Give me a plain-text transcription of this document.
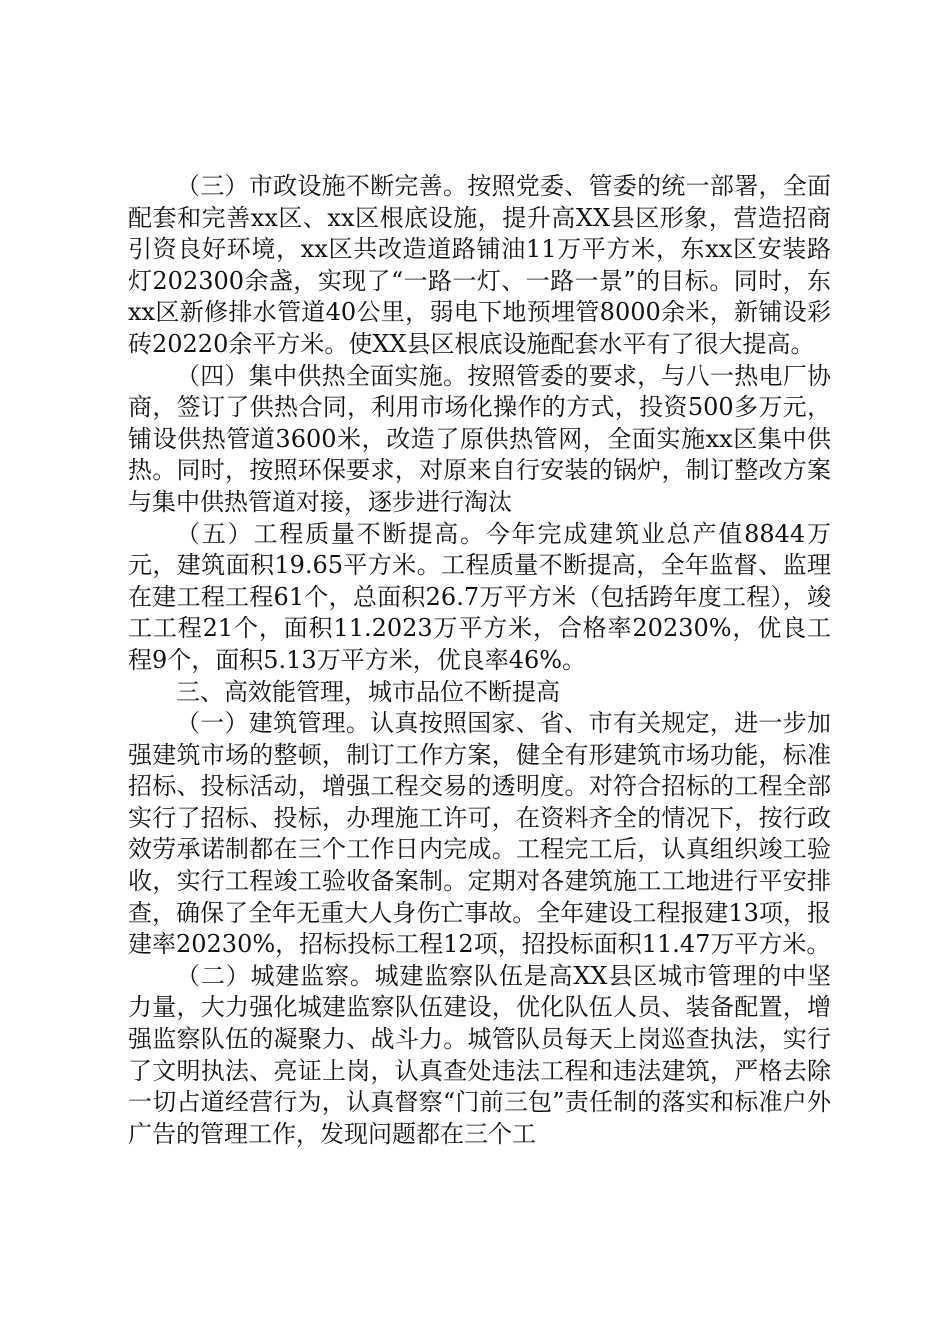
（三）市政设施不断完善。按照党委、管委的统一部署，全面配套和完善xx区、xx区根底设施，提升高XX县区形象，营造招商引资良好环境，xx区共改造道路铺油11万平方米，东xx区安装路灯202300余盏，实现了“一路一灯、一路一景”的目标。同时，东xx区新修排水管道40公里，弱电下地预埋管8000余米，新铺设彩砖20220余平方米。使XX县区根底设施配套水平有了很大提高。

（四）集中供热全面实施。按照管委的要求，与八一热电厂协商，签订了供热合同，利用市场化操作的方式，投资500多万元，铺设供热管道3600米，改造了原供热管网，全面实施xx区集中供热。同时，按照环保要求，对原来自行安装的锅炉，制订整改方案与集中供热管道对接，逐步进行淘汰

（五）工程质量不断提高。今年完成建筑业总产值8844万元，建筑面积19.65平方米。工程质量不断提高，全年监督、监理在建工程工程61个，总面积26.7万平方米（包括跨年度工程），竣工工程21个，面积11.2023万平方米，合格率20230%，优良工程9个，面积5.13万平方米，优良率46%。

三、高效能管理，城市品位不断提高

（一）建筑管理。认真按照国家、省、市有关规定，进一步加强建筑市场的整顿，制订工作方案，健全有形建筑市场功能，标准招标、投标活动，增强工程交易的透明度。对符合招标的工程全部实行了招标、投标，办理施工许可，在资料齐全的情况下，按行政效劳承诺制都在三个工作日内完成。工程完工后，认真组织竣工验收，实行工程竣工验收备案制。定期对各建筑施工工地进行平安排查，确保了全年无重大人身伤亡事故。全年建设工程报建13项，报建率20230%，招标投标工程12项，招投标面积11.47万平方米。

（二）城建监察。城建监察队伍是高XX县区城市管理的中坚力量，大力强化城建监察队伍建设，优化队伍人员、装备配置，增强监察队伍的凝聚力、战斗力。城管队员每天上岗巡查执法，实行了文明执法、亮证上岗，认真查处违法工程和违法建筑，严格去除一切占道经营行为，认真督察“门前三包”责任制的落实和标准户外广告的管理工作，发现问题都在三个工
